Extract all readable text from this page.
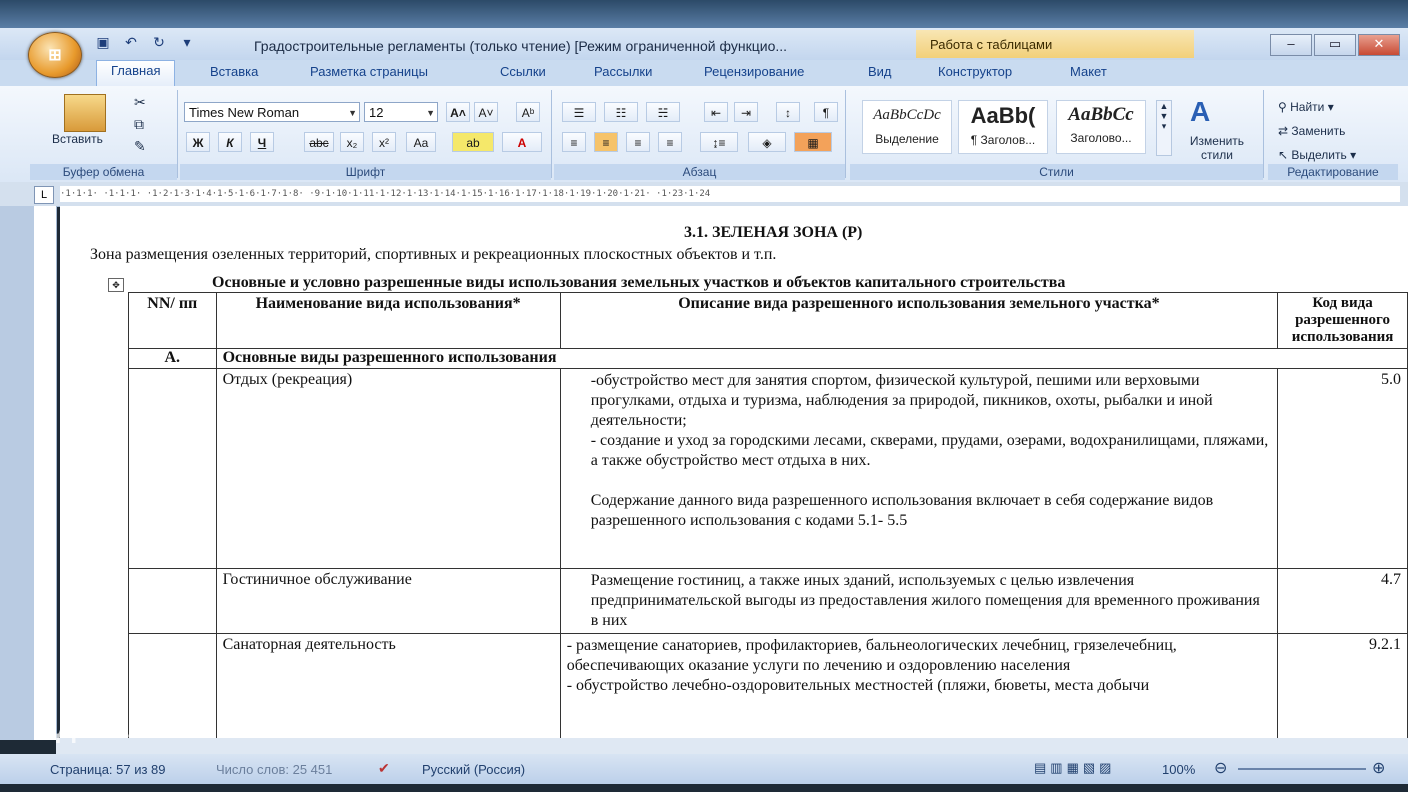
⊞
▣	↶	↻	▾	Градостроительные регламенты (только чтение) [Режим ограниченной функцио...	Работа с таблицами	–	▭	✕
Главная	Вставка	Разметка страницы	Ссылки	Рассылки	Рецензирование	Вид	Конструктор	Макет
Вставить
✂
⧉
✎
Буфер обмена
Times New Roman	▼ 12	▼	A˄	A˅	Aᵇ
Ж	К	Ч	abc	x₂	x²	Aa	ab	A
Шрифт
☰	☷	☵	⇤	⇥	↕	¶
≡	≡	≡	≡	↨≡	◈	▦
Абзац
AaBbCcDc
Выделение
AaBb(
¶ Заголов...
AaBbCc
Заголово...
▲
▼
▾ A
Изменить стили
Стили
⚲ Найти ▾
⇄ Заменить
↖ Выделить ▾
Редактирование
L	·1·1·1· ·1·1·1· ·1·2·1·3·1·4·1·5·1·6·1·7·1·8· ·9·1·10·1·11·1·12·1·13·1·14·1·15·1·16·1·17·1·18·1·19·1·20·1·21· ·1·23·1·24
3.1. ЗЕЛЕНАЯ ЗОНА (Р)
Зона размещения озеленных территорий, спортивных и рекреационных плоскостных объектов и т.п.
✥	Основные и условно разрешенные виды использования земельных участков и объектов капитального строительства
NN/ пп	Наименование вида использования*	Описание вида разрешенного использования земельного участка*	Код вида разрешенного использования
А.	Основные виды разрешенного использования		
	Отдых (рекреация)	-обустройство мест для занятия спортом, физической культурой, пешими или верховыми прогулками, отдыха и туризма, наблюдения за природой, пикников, охоты, рыбалки и иной деятельности;
- создание и уход за городскими лесами, скверами, прудами, озерами, водохранилищами, пляжами, а также обустройство мест отдыха в них.

Содержание данного вида разрешенного использования включает в себя содержание видов разрешенного использования с кодами 5.1- 5.5	5.0
	Гостиничное обслуживание	Размещение гостиниц, а также иных зданий, используемых с целью извлечения предпринимательской выгоды из предоставления жилого помещения для временного проживания в них	4.7
	Санаторная деятельность	- размещение санаториев, профилакториев, бальнеологических лечебниц, грязелечебниц, обеспечивающих оказание услуги по лечению и оздоровлению населения
- обустройство лечебно-оздоровительных местностей (пляжи, бюветы, места добычи	9.2.1
Домклик
Страница: 57 из 89	Число слов: 25 451	✔ Русский (Россия)	▤▥▦▧▨	100% ⊖	⊕
